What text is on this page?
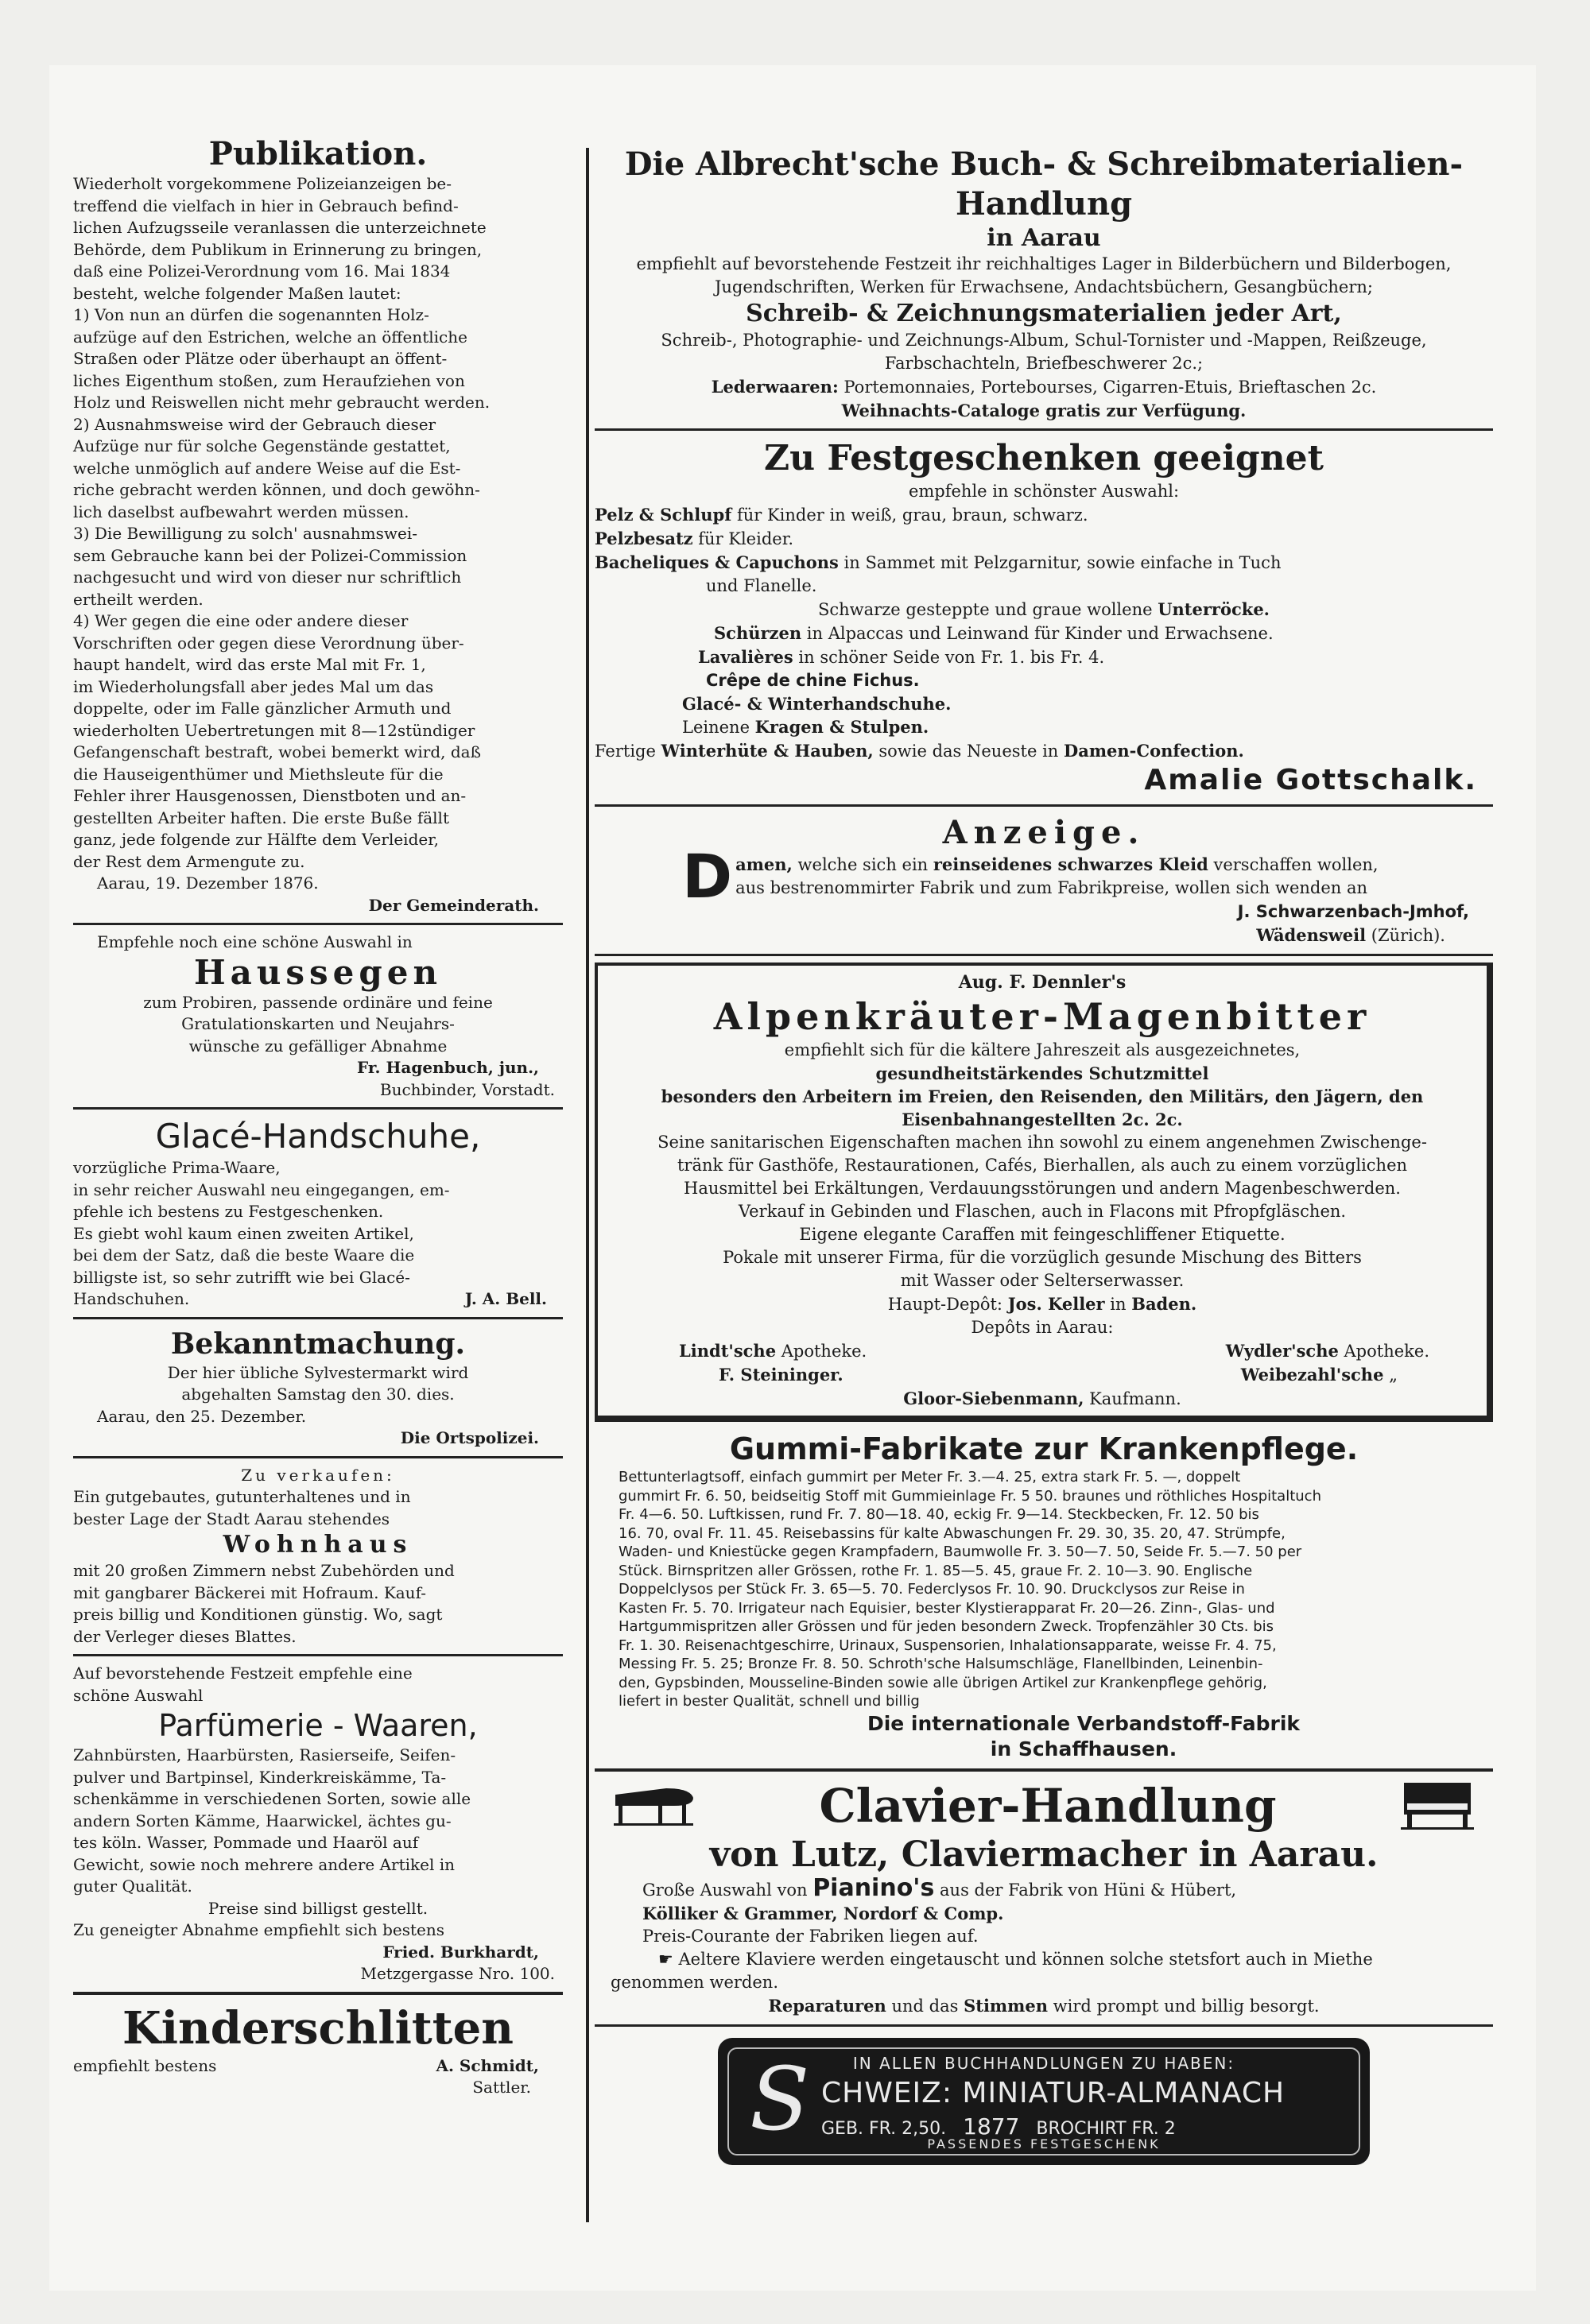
Publikation.

Wiederholt vorgekommene Polizeianzeigen be-

treffend die vielfach in hier in Gebrauch befind-

lichen Aufzugsseile veranlassen die unterzeichnete

Behörde, dem Publikum in Erinnerung zu bringen,

daß eine Polizei-Verordnung vom 16. Mai 1834

besteht, welche folgender Maßen lautet:

1) Von nun an dürfen die sogenannten Holz-

aufzüge auf den Estrichen, welche an öffentliche

Straßen oder Plätze oder überhaupt an öffent-

liches Eigenthum stoßen, zum Heraufziehen von

Holz und Reiswellen nicht mehr gebraucht werden.

2) Ausnahmsweise wird der Gebrauch dieser

Aufzüge nur für solche Gegenstände gestattet,

welche unmöglich auf andere Weise auf die Est-

riche gebracht werden können, und doch gewöhn-

lich daselbst aufbewahrt werden müssen.

3) Die Bewilligung zu solch' ausnahmswei-

sem Gebrauche kann bei der Polizei-Commission

nachgesucht und wird von dieser nur schriftlich

ertheilt werden.

4) Wer gegen die eine oder andere dieser

Vorschriften oder gegen diese Verordnung über-

haupt handelt, wird das erste Mal mit Fr. 1,

im Wiederholungsfall aber jedes Mal um das

doppelte, oder im Falle gänzlicher Armuth und

wiederholten Uebertretungen mit 8—12stündiger

Gefangenschaft bestraft, wobei bemerkt wird, daß

die Hauseigenthümer und Miethsleute für die

Fehler ihrer Hausgenossen, Dienstboten und an-

gestellten Arbeiter haften. Die erste Buße fällt

ganz, jede folgende zur Hälfte dem Verleider,

der Rest dem Armengute zu.

Aarau, 19. Dezember 1876.

Der Gemeinderath.

Empfehle noch eine schöne Auswahl in

Haussegen

zum Probiren, passende ordinäre und feine

Gratulationskarten und Neujahrs-

wünsche zu gefälliger Abnahme

Fr. Hagenbuch, jun.,

Buchbinder, Vorstadt.

Glacé-Handschuhe,

vorzügliche Prima-Waare,

in sehr reicher Auswahl neu eingegangen, em-

pfehle ich bestens zu Festgeschenken.

Es giebt wohl kaum einen zweiten Artikel,

bei dem der Satz, daß die beste Waare die

billigste ist, so sehr zutrifft wie bei Glacé-

Handschuhen.	J. A. Bell.

Bekanntmachung.

Der hier übliche Sylvestermarkt wird

abgehalten Samstag den 30. dies.

Aarau, den 25. Dezember.

Die Ortspolizei.

Zu verkaufen:

Ein gutgebautes, gutunterhaltenes und in

bester Lage der Stadt Aarau stehendes

Wohnhaus

mit 20 großen Zimmern nebst Zubehörden und

mit gangbarer Bäckerei mit Hofraum. Kauf-

preis billig und Konditionen günstig. Wo, sagt

der Verleger dieses Blattes.

Auf bevorstehende Festzeit empfehle eine

schöne Auswahl

Parfümerie - Waaren,

Zahnbürsten, Haarbürsten, Rasierseife, Seifen-

pulver und Bartpinsel, Kinderkreiskämme, Ta-

schenkämme in verschiedenen Sorten, sowie alle

andern Sorten Kämme, Haarwickel, ächtes gu-

tes köln. Wasser, Pommade und Haaröl auf

Gewicht, sowie noch mehrere andere Artikel in

guter Qualität.

Preise sind billigst gestellt.

Zu geneigter Abnahme empfiehlt sich bestens

Fried. Burkhardt,

Metzgergasse Nro. 100.

Kinderschlitten

empfiehlt bestens	A. Schmidt,

Sattler.

Die Albrecht'sche Buch- & Schreibmaterialien-Handlung

in Aarau

empfiehlt auf bevorstehende Festzeit ihr reichhaltiges Lager in Bilderbüchern und Bilderbogen,

Jugendschriften, Werken für Erwachsene, Andachtsbüchern, Gesangbüchern;

Schreib- & Zeichnungsmaterialien jeder Art,

Schreib-, Photographie- und Zeichnungs-Album, Schul-Tornister und -Mappen, Reißzeuge,

Farbschachteln, Briefbeschwerer 2c.;

Lederwaaren: Portemonnaies, Portebourses, Cigarren-Etuis, Brieftaschen 2c.

Weihnachts-Cataloge gratis zur Verfügung.

Zu Festgeschenken geeignet

empfehle in schönster Auswahl:

Pelz & Schlupf für Kinder in weiß, grau, braun, schwarz.

Pelzbesatz für Kleider.

Bacheliques & Capuchons in Sammet mit Pelzgarnitur, sowie einfache in Tuch

und Flanelle.

Schwarze gesteppte und graue wollene Unterröcke.

Schürzen in Alpaccas und Leinwand für Kinder und Erwachsene.

Lavalières in schöner Seide von Fr. 1. bis Fr. 4.

Crêpe de chine Fichus.

Glacé- & Winterhandschuhe.

Leinene Kragen & Stulpen.

Fertige Winterhüte & Hauben, sowie das Neueste in Damen-Confection.

Amalie Gottschalk.

Anzeige.

D amen, welche sich ein reinseidenes schwarzes Kleid verschaffen wollen,

aus bestrenommirter Fabrik und zum Fabrikpreise, wollen sich wenden an

J. Schwarzenbach-Jmhof,

Wädensweil (Zürich).

Aug. F. Dennler's

Alpenkräuter-Magenbitter

empfiehlt sich für die kältere Jahreszeit als ausgezeichnetes,

gesundheitstärkendes Schutzmittel

besonders den Arbeitern im Freien, den Reisenden, den Militärs, den Jägern, den

Eisenbahnangestellten 2c. 2c.

Seine sanitarischen Eigenschaften machen ihn sowohl zu einem angenehmen Zwischenge-

tränk für Gasthöfe, Restaurationen, Cafés, Bierhallen, als auch zu einem vorzüglichen

Hausmittel bei Erkältungen, Verdauungsstörungen und andern Magenbeschwerden.

Verkauf in Gebinden und Flaschen, auch in Flacons mit Pfropfgläschen.

Eigene elegante Caraffen mit feingeschliffener Etiquette.

Pokale mit unserer Firma, für die vorzüglich gesunde Mischung des Bitters

mit Wasser oder Selterserwasser.

Haupt-Depôt: Jos. Keller in Baden.

Depôts in Aarau:

Lindt'sche Apotheke.	Wydler'sche Apotheke.
F. Steininger.	Weibezahl'sche „

Gloor-Siebenmann, Kaufmann.

Gummi-Fabrikate zur Krankenpflege.

Bettunterlagtsoff, einfach gummirt per Meter Fr. 3.—4. 25, extra stark Fr. 5. —, doppelt

gummirt Fr. 6. 50, beidseitig Stoff mit Gummieinlage Fr. 5 50. braunes und röthliches Hospitaltuch

Fr. 4—6. 50. Luftkissen, rund Fr. 7. 80—18. 40, eckig Fr. 9—14. Steckbecken, Fr. 12. 50 bis

16. 70, oval Fr. 11. 45. Reisebassins für kalte Abwaschungen Fr. 29. 30, 35. 20, 47. Strümpfe,

Waden- und Kniestücke gegen Krampfadern, Baumwolle Fr. 3. 50—7. 50, Seide Fr. 5.—7. 50 per

Stück. Birnspritzen aller Grössen, rothe Fr. 1. 85—5. 45, graue Fr. 2. 10—3. 90. Englische

Doppelclysos per Stück Fr. 3. 65—5. 70. Federclysos Fr. 10. 90. Druckclysos zur Reise in

Kasten Fr. 5. 70. Irrigateur nach Equisier, bester Klystierapparat Fr. 20—26. Zinn-, Glas- und

Hartgummispritzen aller Grössen und für jeden besondern Zweck. Tropfenzähler 30 Cts. bis

Fr. 1. 30. Reisenachtgeschirre, Urinaux, Suspensorien, Inhalationsapparate, weisse Fr. 4. 75,

Messing Fr. 5. 25; Bronze Fr. 8. 50. Schroth'sche Halsumschläge, Flanellbinden, Leinenbin-

den, Gypsbinden, Mousseline-Binden sowie alle übrigen Artikel zur Krankenpflege gehörig,

liefert in bester Qualität, schnell und billig

Die internationale Verbandstoff-Fabrik

in Schaffhausen.

Clavier-Handlung

von Lutz, Claviermacher in Aarau.

Große Auswahl von Pianino's aus der Fabrik von Hüni & Hübert,

Kölliker & Grammer, Nordorf & Comp.

Preis-Courante der Fabriken liegen auf.

☛ Aeltere Klaviere werden eingetauscht und können solche stetsfort auch in Miethe

genommen werden.

Reparaturen und das Stimmen wird prompt und billig besorgt.

IN ALLEN BUCHHANDLUNGEN ZU HABEN:

S CHWEIZ: MINIATUR-ALMANACH

GEB. FR. 2,50. 1877 BROCHIRT FR. 2

PASSENDES FESTGESCHENK
